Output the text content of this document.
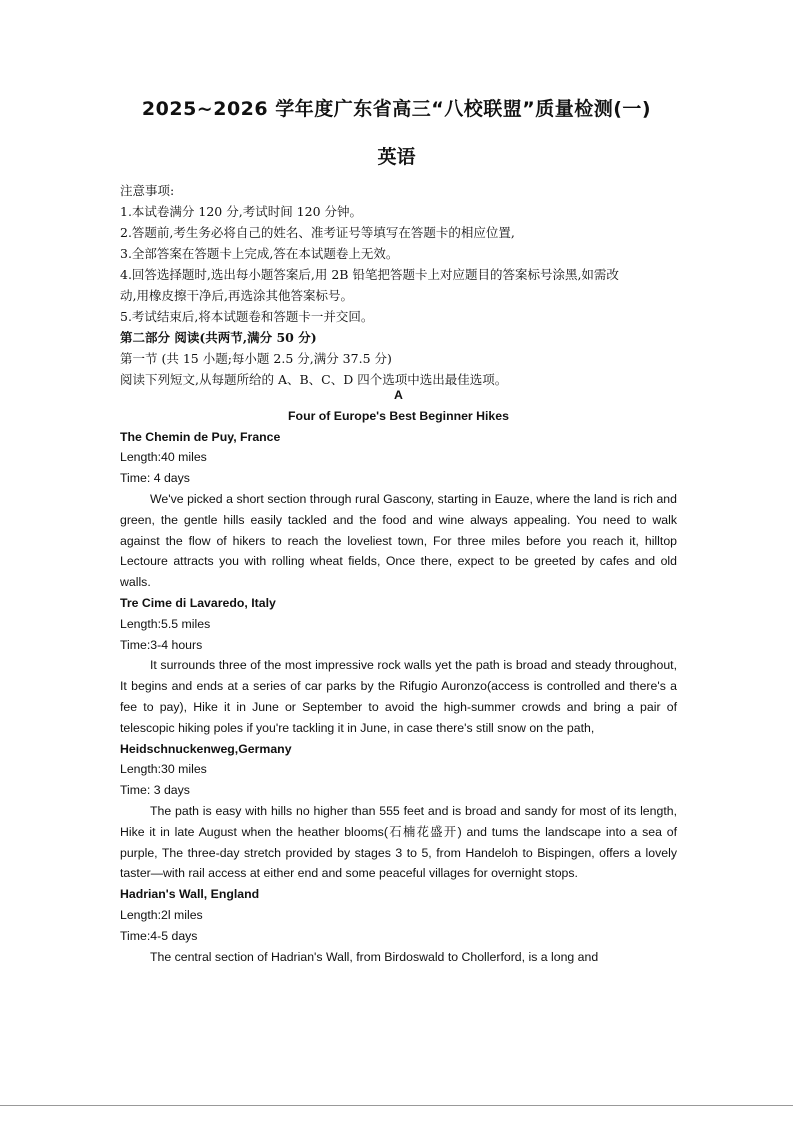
2025~2026 学年度广东省高三“八校联盟”质量检测(一)
英语
注意事项:
1.本试卷满分 120 分,考试时间 120 分钟。
2.答题前,考生务必将自己的姓名、准考证号等填写在答题卡的相应位置,
3.全部答案在答题卡上完成,答在本试题卷上无效。
4.回答选择题时,选出每小题答案后,用 2B 铅笔把答题卡上对应题目的答案标号涂黑,如需改
动,用橡皮擦干净后,再选涂其他答案标号。
5.考试结束后,将本试题卷和答题卡一并交回。
第二部分 阅读(共两节,满分 50 分)
第一节 (共 15 小题;每小题 2.5 分,满分 37.5 分)
阅读下列短文,从每题所给的 A、B、C、D 四个选项中选出最佳选项。
A
Four of Europe's Best Beginner Hikes
The Chemin de Puy, France
Length:40 miles
Time: 4 days
We've picked a short section through rural Gascony, starting in Eauze, where the land is rich and green, the gentle hills easily tackled and the food and wine always appealing. You need to walk against the flow of hikers to reach the loveliest town, For three miles before you reach it, hilltop Lectoure attracts you with rolling wheat fields, Once there, expect to be greeted by cafes and old walls.
Tre Cime di Lavaredo, Italy
Length:5.5 miles
Time:3-4 hours
It surrounds three of the most impressive rock walls yet the path is broad and steady throughout, It begins and ends at a series of car parks by the Rifugio Auronzo(access is controlled and there's a fee to pay), Hike it in June or September to avoid the high-summer crowds and bring a pair of telescopic hiking poles if you're tackling it in June, in case there's still snow on the path,
Heidschnuckenweg,Germany
Length:30 miles
Time: 3 days
The path is easy with hills no higher than 555 feet and is broad and sandy for most of its length, Hike it in late August when the heather blooms(石楠花盛开) and tums the landscape into a sea of purple, The three-day stretch provided by stages 3 to 5, from Handeloh to Bispingen, offers a lovely taster—with rail access at either end and some peaceful villages for overnight stops.
Hadrian's Wall, England
Length:2l miles
Time:4-5 days
The central section of Hadrian's Wall, from Birdoswald to Chollerford, is a long and
